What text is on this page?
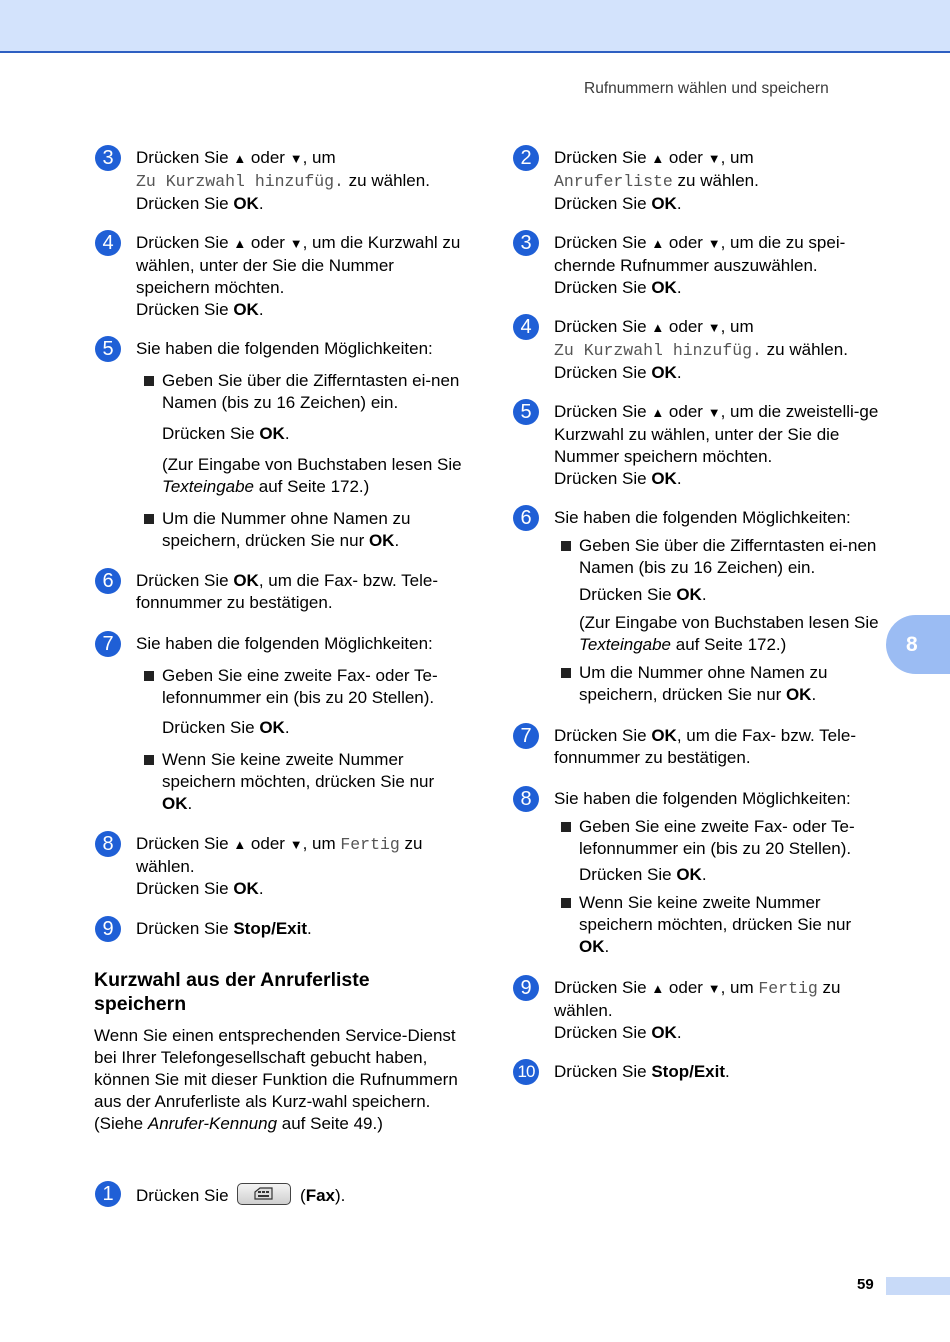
Rufnummern wählen und speichern
8
3	Drücken Sie ▲ oder ▼, um
Zu Kurzwahl hinzufüg. zu wählen.
Drücken Sie OK.
4	Drücken Sie ▲ oder ▼, um die Kurzwahl zu wählen, unter der Sie die Nummer speichern möchten.
Drücken Sie OK.
5	Sie haben die folgenden Möglichkeiten:
Geben Sie über die Zifferntasten ei-nen Namen (bis zu 16 Zeichen) ein.
Drücken Sie OK.
(Zur Eingabe von Buchstaben lesen Sie Texteingabe auf Seite 172.)
Um die Nummer ohne Namen zu speichern, drücken Sie nur OK.
6	Drücken Sie OK, um die Fax- bzw. Tele-fonnummer zu bestätigen.
7	Sie haben die folgenden Möglichkeiten:
Geben Sie eine zweite Fax- oder Te-lefonnummer ein (bis zu 20 Stellen).
Drücken Sie OK.
Wenn Sie keine zweite Nummer speichern möchten, drücken Sie nur OK.
8	Drücken Sie ▲ oder ▼, um Fertig zu wählen.
Drücken Sie OK.
9	Drücken Sie Stop/Exit.
Kurzwahl aus der Anruferliste speichern
Wenn Sie einen entsprechenden Service-Dienst bei Ihrer Telefongesellschaft gebucht haben, können Sie mit dieser Funktion die Rufnummern aus der Anruferliste als Kurz-wahl speichern. (Siehe Anrufer-Kennung auf Seite 49.)
1	Drücken Sie	(Fax).
2	Drücken Sie ▲ oder ▼, um
Anruferliste zu wählen.
Drücken Sie OK.
3	Drücken Sie ▲ oder ▼, um die zu spei-chernde Rufnummer auszuwählen.
Drücken Sie OK.
4	Drücken Sie ▲ oder ▼, um
Zu Kurzwahl hinzufüg. zu wählen.
Drücken Sie OK.
5	Drücken Sie ▲ oder ▼, um die zweistelli-ge Kurzwahl zu wählen, unter der Sie die Nummer speichern möchten.
Drücken Sie OK.
6	Sie haben die folgenden Möglichkeiten:
Geben Sie über die Zifferntasten ei-nen Namen (bis zu 16 Zeichen) ein.
Drücken Sie OK.
(Zur Eingabe von Buchstaben lesen Sie Texteingabe auf Seite 172.)
Um die Nummer ohne Namen zu speichern, drücken Sie nur OK.
7	Drücken Sie OK, um die Fax- bzw. Tele-fonnummer zu bestätigen.
8	Sie haben die folgenden Möglichkeiten:
Geben Sie eine zweite Fax- oder Te-lefonnummer ein (bis zu 20 Stellen).
Drücken Sie OK.
Wenn Sie keine zweite Nummer speichern möchten, drücken Sie nur OK.
9	Drücken Sie ▲ oder ▼, um Fertig zu wählen.
Drücken Sie OK.
10 Drücken Sie Stop/Exit.
59
